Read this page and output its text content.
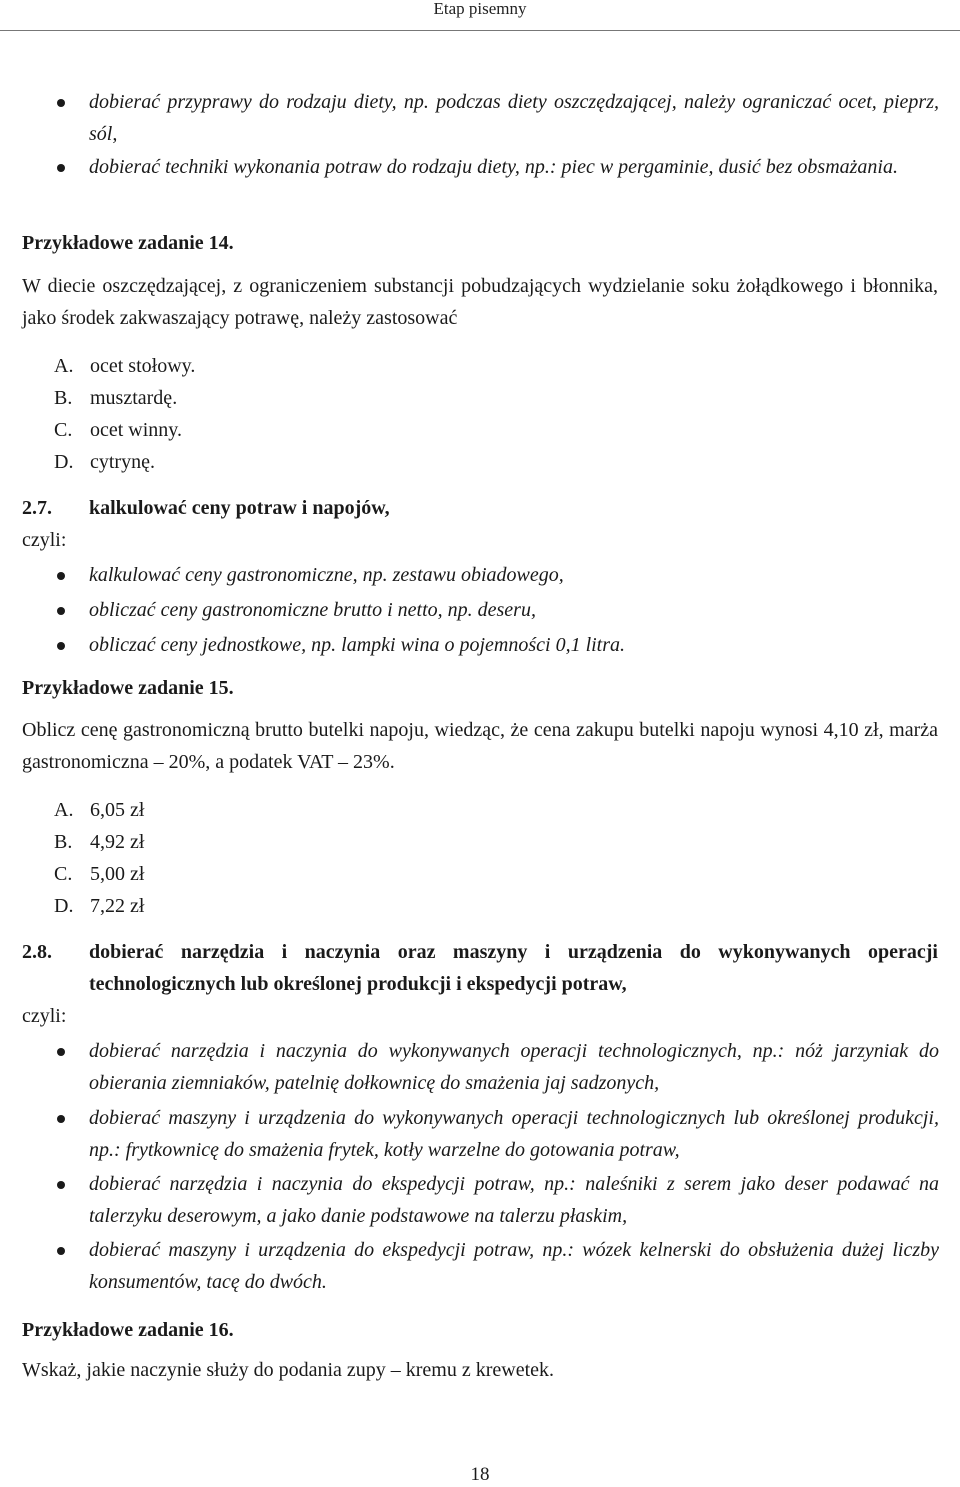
Etap pisemny
dobierać przyprawy do rodzaju diety, np. podczas diety oszczędzającej, należy ograniczać ocet, pieprz, sól,
dobierać techniki wykonania potraw do rodzaju diety, np.: piec w pergaminie, dusić bez obsmażania.
Przykładowe zadanie 14.
W diecie oszczędzającej, z ograniczeniem substancji pobudzających wydzielanie soku żołądkowego i błonnika, jako środek zakwaszający potrawę, należy zastosować
A. ocet stołowy.
B. musztardę.
C. ocet winny.
D. cytrynę.
2.7.	kalkulować ceny potraw i napojów,
czyli:
kalkulować ceny gastronomiczne, np. zestawu obiadowego,
obliczać ceny gastronomiczne brutto i netto, np. deseru,
obliczać ceny jednostkowe, np. lampki wina o pojemności 0,1 litra.
Przykładowe zadanie 15.
Oblicz cenę gastronomiczną brutto butelki napoju, wiedząc, że cena zakupu butelki napoju wynosi 4,10 zł, marża gastronomiczna – 20%, a podatek VAT – 23%.
A. 6,05 zł
B. 4,92 zł
C. 5,00 zł
D. 7,22 zł
2.8.	dobierać narzędzia i naczynia oraz maszyny i urządzenia do wykonywanych operacji technologicznych lub określonej produkcji i ekspedycji potraw,
czyli:
dobierać narzędzia i naczynia do wykonywanych operacji technologicznych, np.: nóż jarzyniak do obierania ziemniaków, patelnię dołkownicę do smażenia jaj sadzonych,
dobierać maszyny i urządzenia do wykonywanych operacji technologicznych lub określonej produkcji, np.: frytkownicę do smażenia frytek, kotły warzelne do gotowania potraw,
dobierać narzędzia i naczynia do ekspedycji potraw, np.: naleśniki z serem jako deser podawać na talerzyku deserowym, a jako danie podstawowe na talerzu płaskim,
dobierać maszyny i urządzenia do ekspedycji potraw, np.: wózek kelnerski do obsłużenia dużej liczby konsumentów, tacę do dwóch.
Przykładowe zadanie 16.
Wskaż, jakie naczynie służy do podania zupy – kremu z krewetek.
18
